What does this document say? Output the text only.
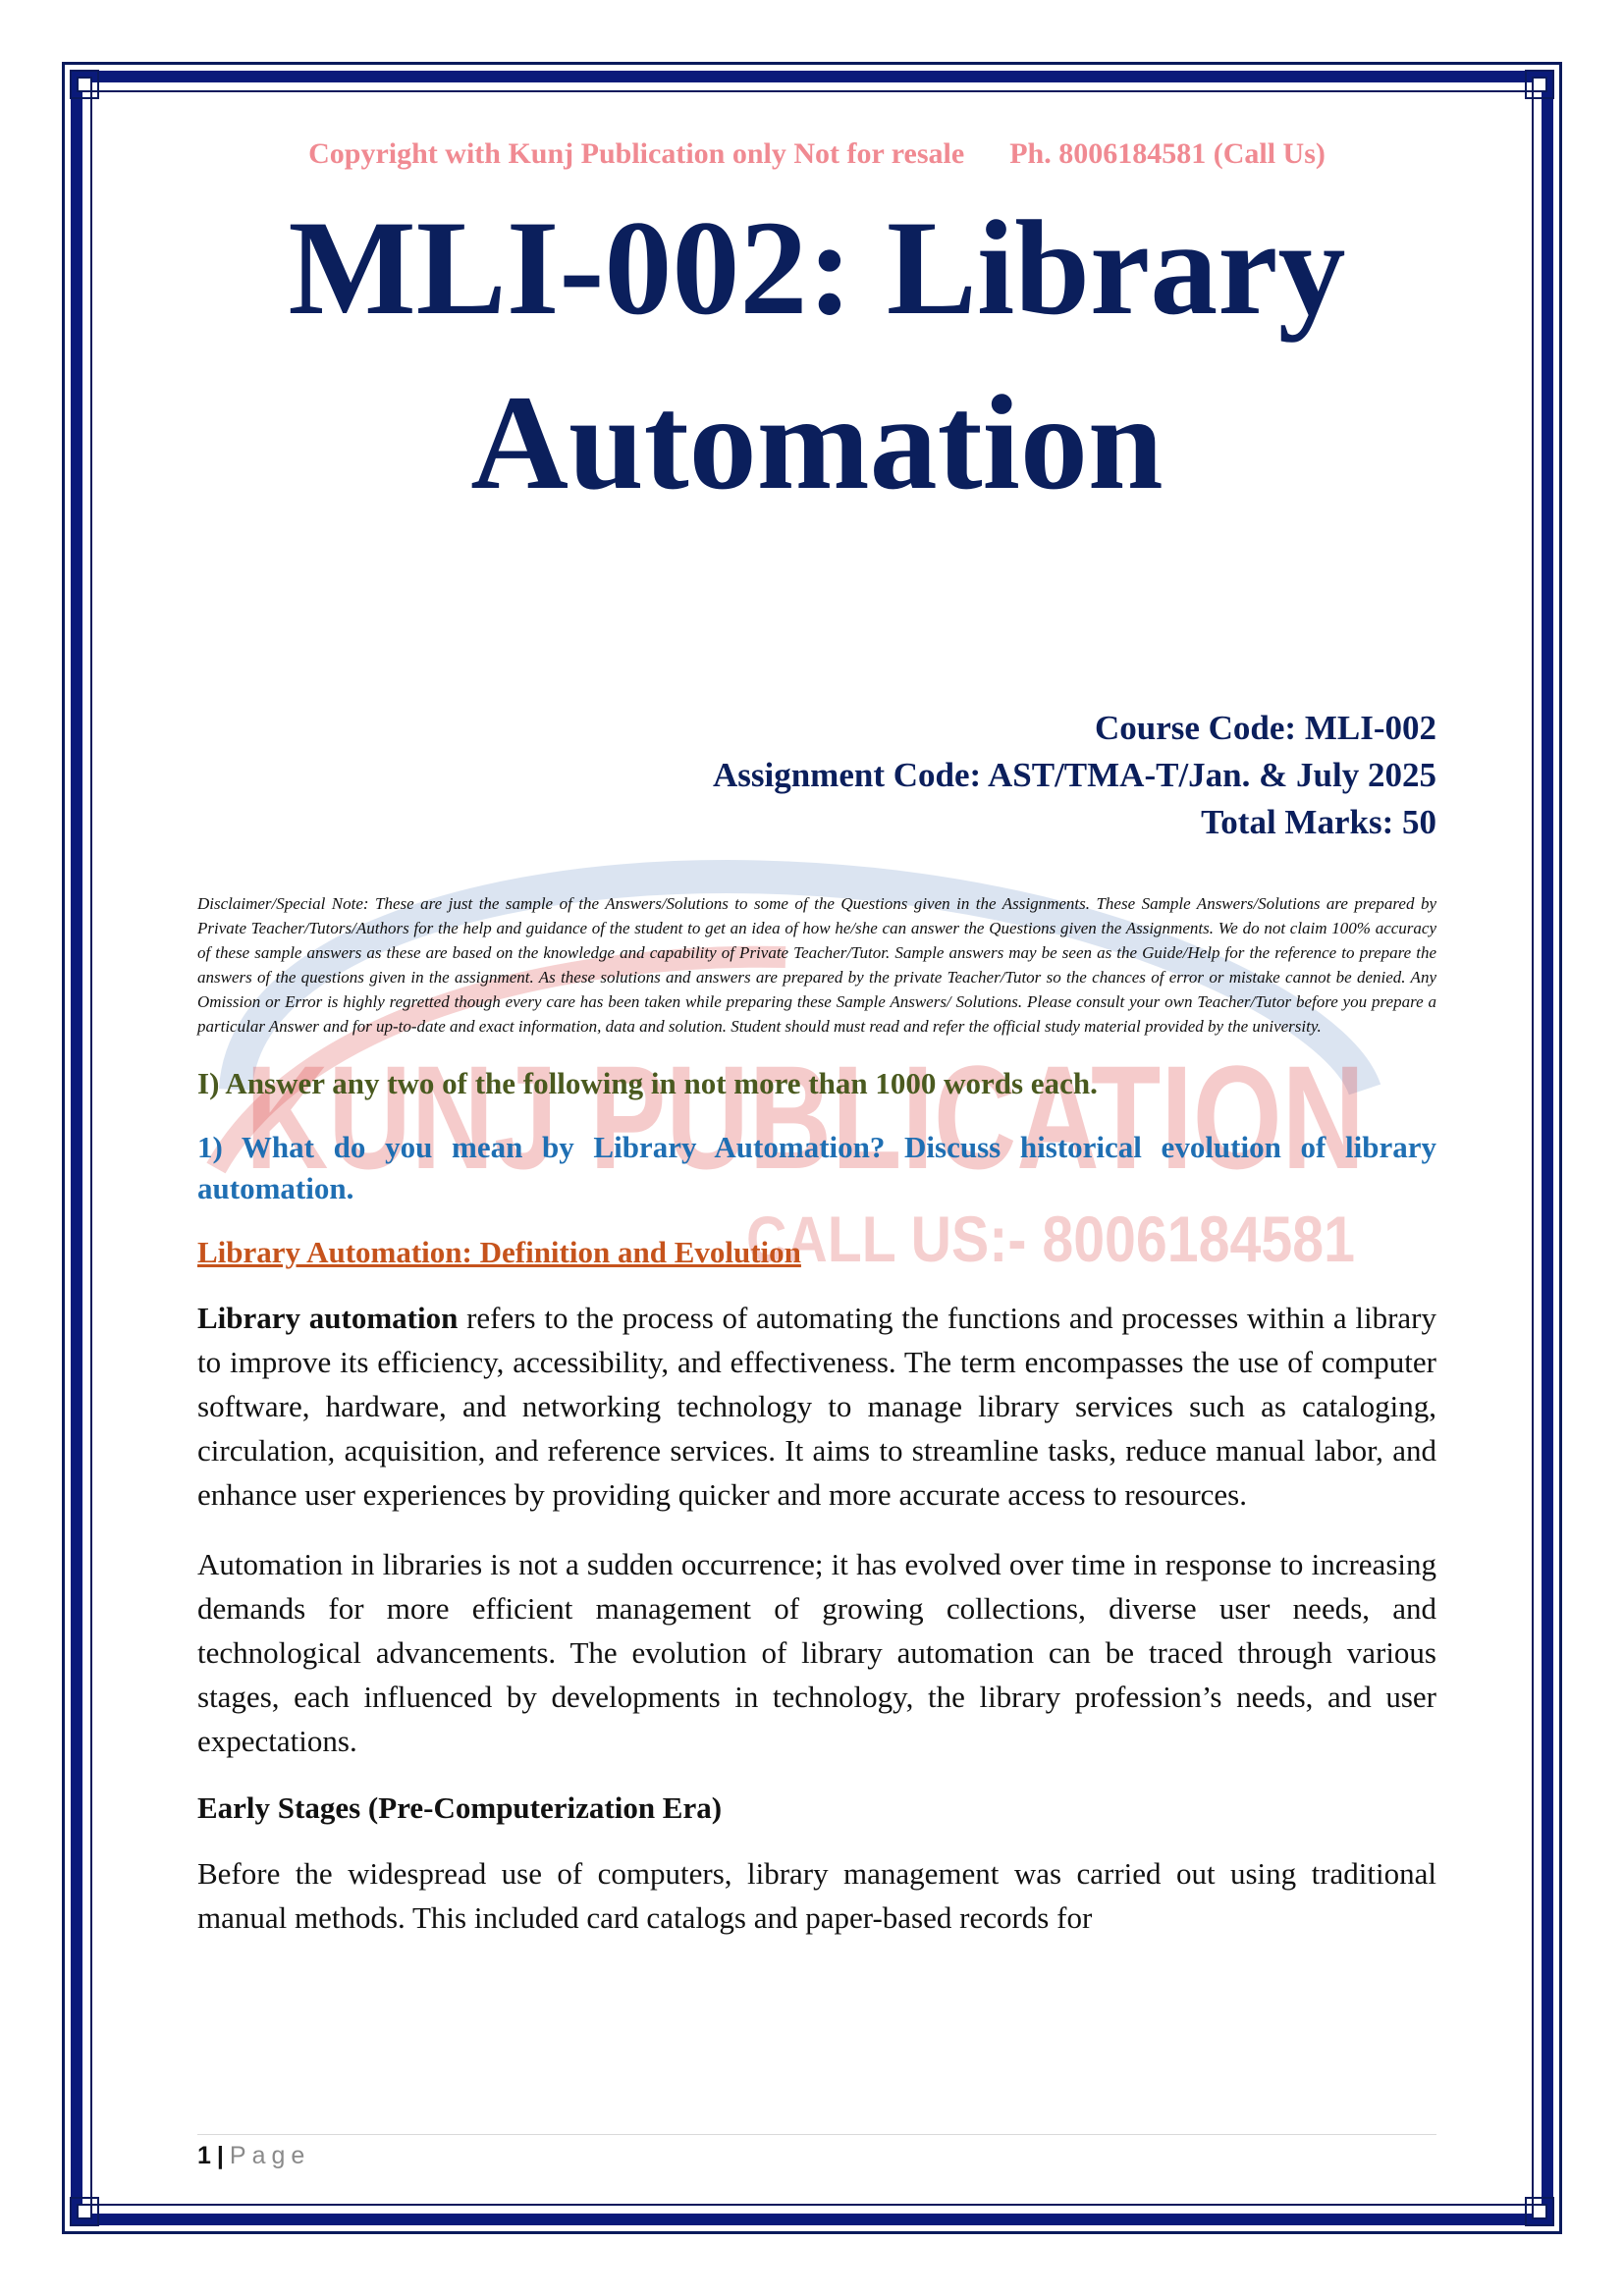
KUNJ PUBLICATION
CALL US:- 8006184581
Copyright with Kunj Publication only Not for resale Ph. 8006184581 (Call Us)
MLI-002: Library
Automation
Course Code: MLI-002
Assignment Code: AST/TMA-T/Jan. & July 2025
Total Marks: 50
Disclaimer/Special Note: These are just the sample of the Answers/Solutions to some of the Questions given in the Assignments. These Sample Answers/Solutions are prepared by Private Teacher/Tutors/Authors for the help and guidance of the student to get an idea of how he/she can answer the Questions given the Assignments. We do not claim 100% accuracy of these sample answers as these are based on the knowledge and capability of Private Teacher/Tutor. Sample answers may be seen as the Guide/Help for the reference to prepare the answers of the questions given in the assignment. As these solutions and answers are prepared by the private Teacher/Tutor so the chances of error or mistake cannot be denied. Any Omission or Error is highly regretted though every care has been taken while preparing these Sample Answers/ Solutions. Please consult your own Teacher/Tutor before you prepare a particular Answer and for up-to-date and exact information, data and solution. Student should must read and refer the official study material provided by the university.
I) Answer any two of the following in not more than 1000 words each.
1) What do you mean by Library Automation? Discuss historical evolution of library automation.
Library Automation: Definition and Evolution
Library automation refers to the process of automating the functions and processes within a library to improve its efficiency, accessibility, and effectiveness. The term encompasses the use of computer software, hardware, and networking technology to manage library services such as cataloging, circulation, acquisition, and reference services. It aims to streamline tasks, reduce manual labor, and enhance user experiences by providing quicker and more accurate access to resources.
Automation in libraries is not a sudden occurrence; it has evolved over time in response to increasing demands for more efficient management of growing collections, diverse user needs, and technological advancements. The evolution of library automation can be traced through various stages, each influenced by developments in technology, the library profession’s needs, and user expectations.
Early Stages (Pre-Computerization Era)
Before the widespread use of computers, library management was carried out using traditional manual methods. This included card catalogs and paper-based records for
1 | Page
